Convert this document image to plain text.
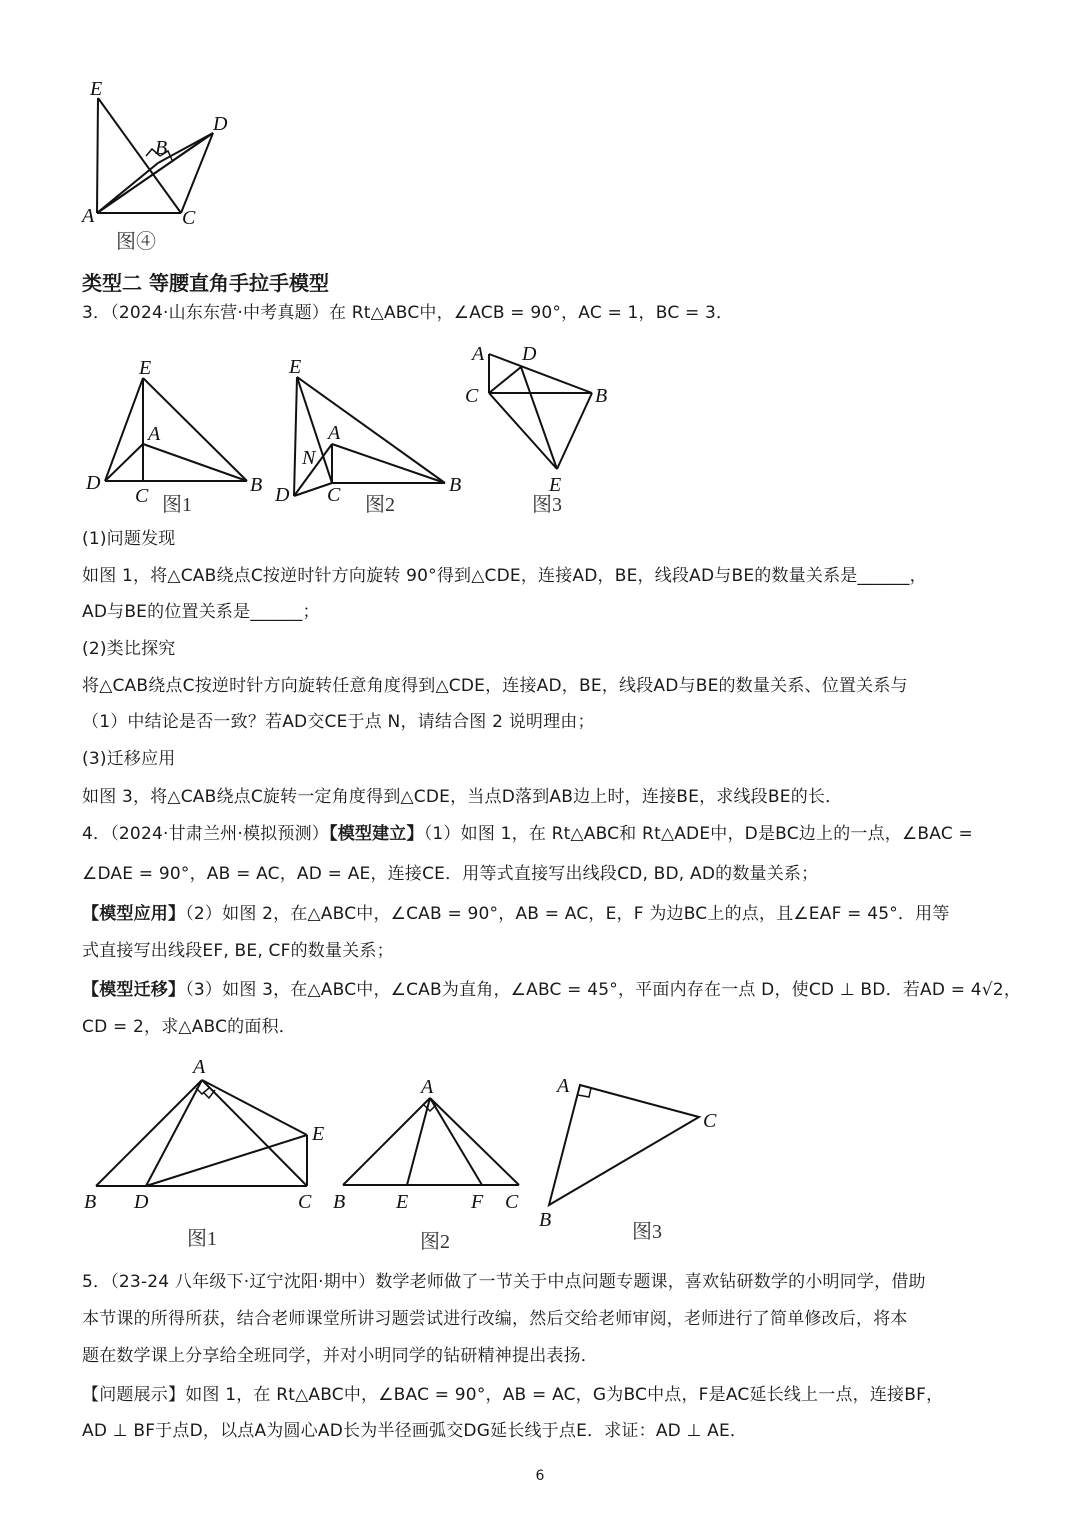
E
B
D
A	C
图④
类型二 等腰直角手拉手模型
3．（2024·山东东营·中考真题）在 Rt△ABC中，∠ACB = 90°，AC = 1，BC = 3．
E
A
D
C	B
图1
E
A
N
D C	B
图2
A D
C	B
E
图3
A
E
B D	C
图1
A
B	E	F C
图2
A
C
B
图3
(1)问题发现
如图 1，将△CAB绕点C按逆时针方向旋转 90°得到△CDE，连接AD，BE，线段AD与BE的数量关系是______，
AD与BE的位置关系是______；
(2)类比探究
将△CAB绕点C按逆时针方向旋转任意角度得到△CDE，连接AD，BE，线段AD与BE的数量关系、位置关系与
（1）中结论是否一致？若AD交CE于点 N，请结合图 2 说明理由；
(3)迁移应用
如图 3，将△CAB绕点C旋转一定角度得到△CDE，当点D落到AB边上时，连接BE，求线段BE的长．
4．（2024·甘肃兰州·模拟预测）【模型建立】（1）如图 1，在 Rt△ABC和 Rt△ADE中，D是BC边上的一点，∠BAC =
∠DAE = 90°，AB = AC，AD = AE，连接CE．用等式直接写出线段CD, BD, AD的数量关系；
【模型应用】（2）如图 2，在△ABC中，∠CAB = 90°，AB = AC，E，F 为边BC上的点，且∠EAF = 45°．用等
式直接写出线段EF, BE, CF的数量关系；
【模型迁移】（3）如图 3，在△ABC中，∠CAB为直角，∠ABC = 45°，平面内存在一点 D，使CD ⊥ BD．若AD = 4√2，
CD = 2，求△ABC的面积．
5．（23-24 八年级下·辽宁沈阳·期中）数学老师做了一节关于中点问题专题课，喜欢钻研数学的小明同学，借助
本节课的所得所获，结合老师课堂所讲习题尝试进行改编，然后交给老师审阅，老师进行了简单修改后，将本
题在数学课上分享给全班同学，并对小明同学的钻研精神提出表扬．
【问题展示】如图 1，在 Rt△ABC中，∠BAC = 90°，AB = AC，G为BC中点，F是AC延长线上一点，连接BF，
AD ⊥ BF于点D，以点A为圆心AD长为半径画弧交DG延长线于点E．求证：AD ⊥ AE．
6
